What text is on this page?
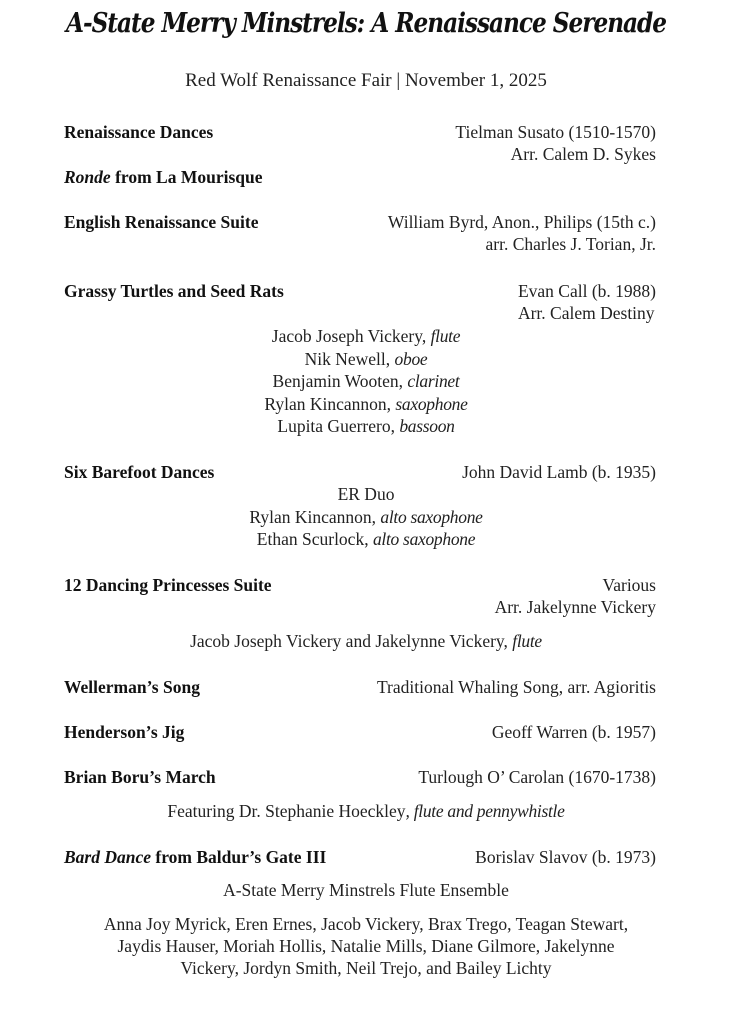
A-State Merry Minstrels: A Renaissance Serenade
Red Wolf Renaissance Fair | November 1, 2025
Renaissance Dances	Tielman Susato (1510-1570)
Arr. Calem D. Sykes
Ronde from La Mourisque
English Renaissance Suite	William Byrd, Anon., Philips (15th c.)
arr. Charles J. Torian, Jr.
Grassy Turtles and Seed Rats	Evan Call (b. 1988)
Arr. Calem Destiny
Jacob Joseph Vickery, flute
Nik Newell, oboe
Benjamin Wooten, clarinet
Rylan Kincannon, saxophone
Lupita Guerrero, bassoon
Six Barefoot Dances	John David Lamb (b. 1935)
ER Duo
Rylan Kincannon, alto saxophone
Ethan Scurlock, alto saxophone
12 Dancing Princesses Suite	Various
Arr. Jakelynne Vickery
Jacob Joseph Vickery and Jakelynne Vickery, flute
Wellerman’s Song	Traditional Whaling Song, arr. Agioritis
Henderson’s Jig	Geoff Warren (b. 1957)
Brian Boru’s March	Turlough O’ Carolan (1670-1738)
Featuring Dr. Stephanie Hoeckley, flute and pennywhistle
Bard Dance from Baldur’s Gate III	Borislav Slavov (b. 1973)
A-State Merry Minstrels Flute Ensemble
Anna Joy Myrick, Eren Ernes, Jacob Vickery, Brax Trego, Teagan Stewart,
Jaydis Hauser, Moriah Hollis, Natalie Mills, Diane Gilmore, Jakelynne
Vickery, Jordyn Smith, Neil Trejo, and Bailey Lichty
